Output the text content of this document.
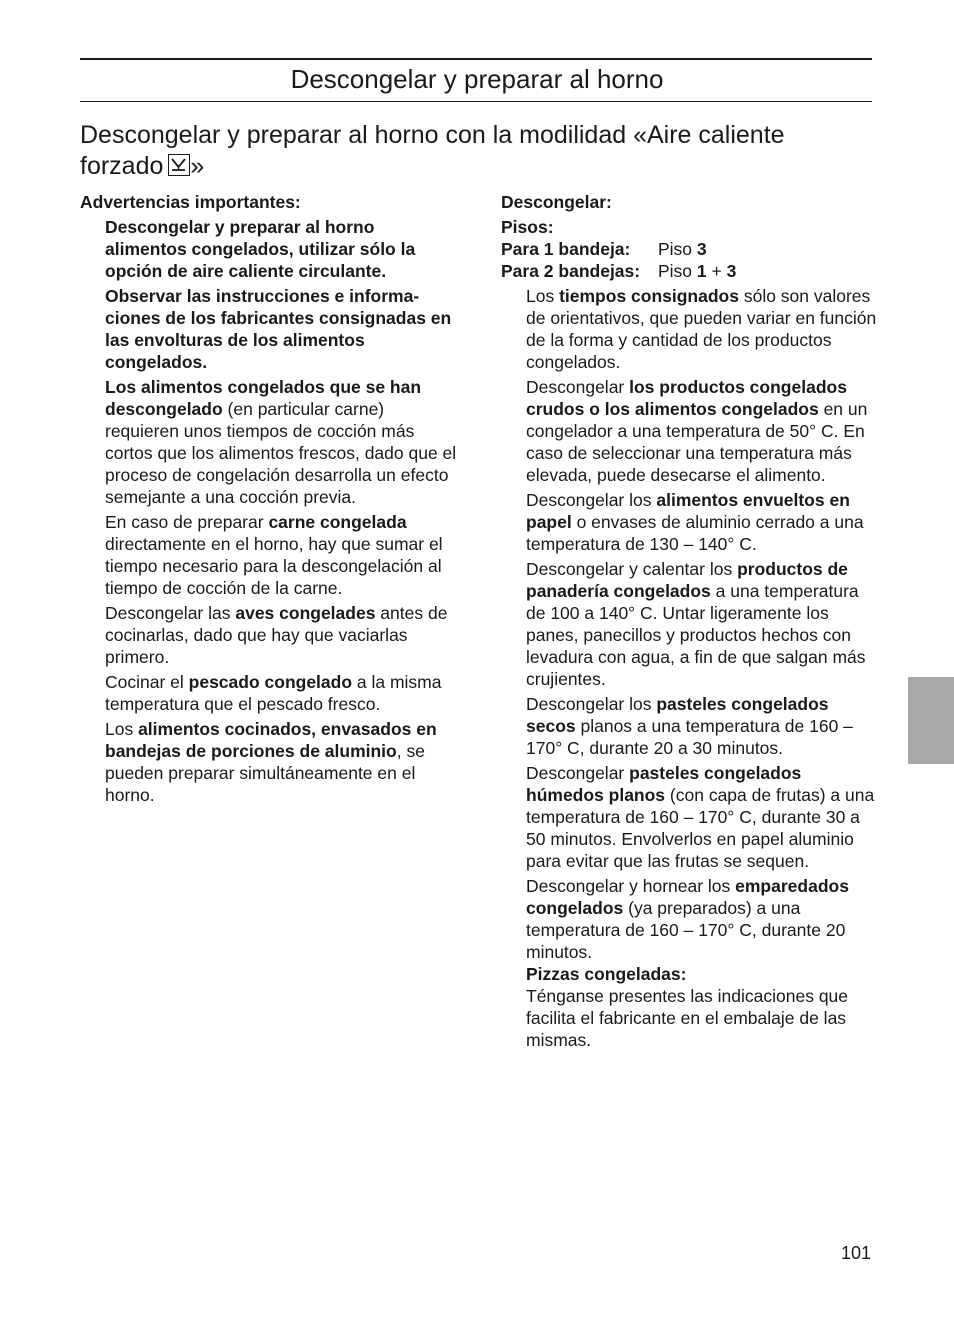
Descongelar y preparar al horno
Descongelar y preparar al horno con la modilidad «Aire caliente
forzado »

Advertencias importantes:

Descongelar y preparar al horno alimentos congelados, utilizar sólo la opción de aire caliente circulante.

Observar las instrucciones e informaciones de los fabricantes consignadas en las envolturas de los alimentos congelados.

Los alimentos congelados que se han descongelado (en particular carne) requieren unos tiempos de cocción más cortos que los alimentos frescos, dado que el proceso de congelación desarrolla un efecto semejante a una cocción previa.

En caso de preparar carne congelada directamente en el horno, hay que sumar el tiempo necesario para la descongelación al tiempo de cocción de la carne.

Descongelar las aves congelades antes de cocinarlas, dado que hay que vaciarlas primero.

Cocinar el pescado congelado a la misma temperatura que el pescado fresco.

Los alimentos cocinados, envasados en bandejas de porciones de aluminio, se pueden preparar simultáneamente en el horno.

Descongelar:

Pisos:

Para 1 bandeja:	Piso 3
Para 2 bandejas:	Piso 1 + 3

Los tiempos consignados sólo son valores de orientativos, que pueden variar en función de la forma y cantidad de los productos congelados.

Descongelar los productos congelados crudos o los alimentos congelados en un congelador a una temperatura de 50° C. En caso de seleccionar una temperatura más elevada, puede desecarse el alimento.

Descongelar los alimentos envueltos en papel o envases de aluminio cerrado a una temperatura de 130 – 140° C.

Descongelar y calentar los productos de panadería congelados a una temperatura de 100 a 140° C. Untar ligeramente los panes, panecillos y productos hechos con levadura con agua, a fin de que salgan más crujientes.

Descongelar los pasteles congelados secos planos a una temperatura de 160 – 170° C, durante 20 a 30 minutos.

Descongelar pasteles congelados húmedos planos (con capa de frutas) a una temperatura de 160 – 170° C, durante 30 a 50 minutos. Envolverlos en papel aluminio para evitar que las frutas se sequen.

Descongelar y hornear los emparedados congelados (ya preparados) a una temperatura de 160 – 170° C, durante 20 minutos.

Pizzas congeladas:

Ténganse presentes las indicaciones que facilita el fabricante en el embalaje de las mismas.

101
